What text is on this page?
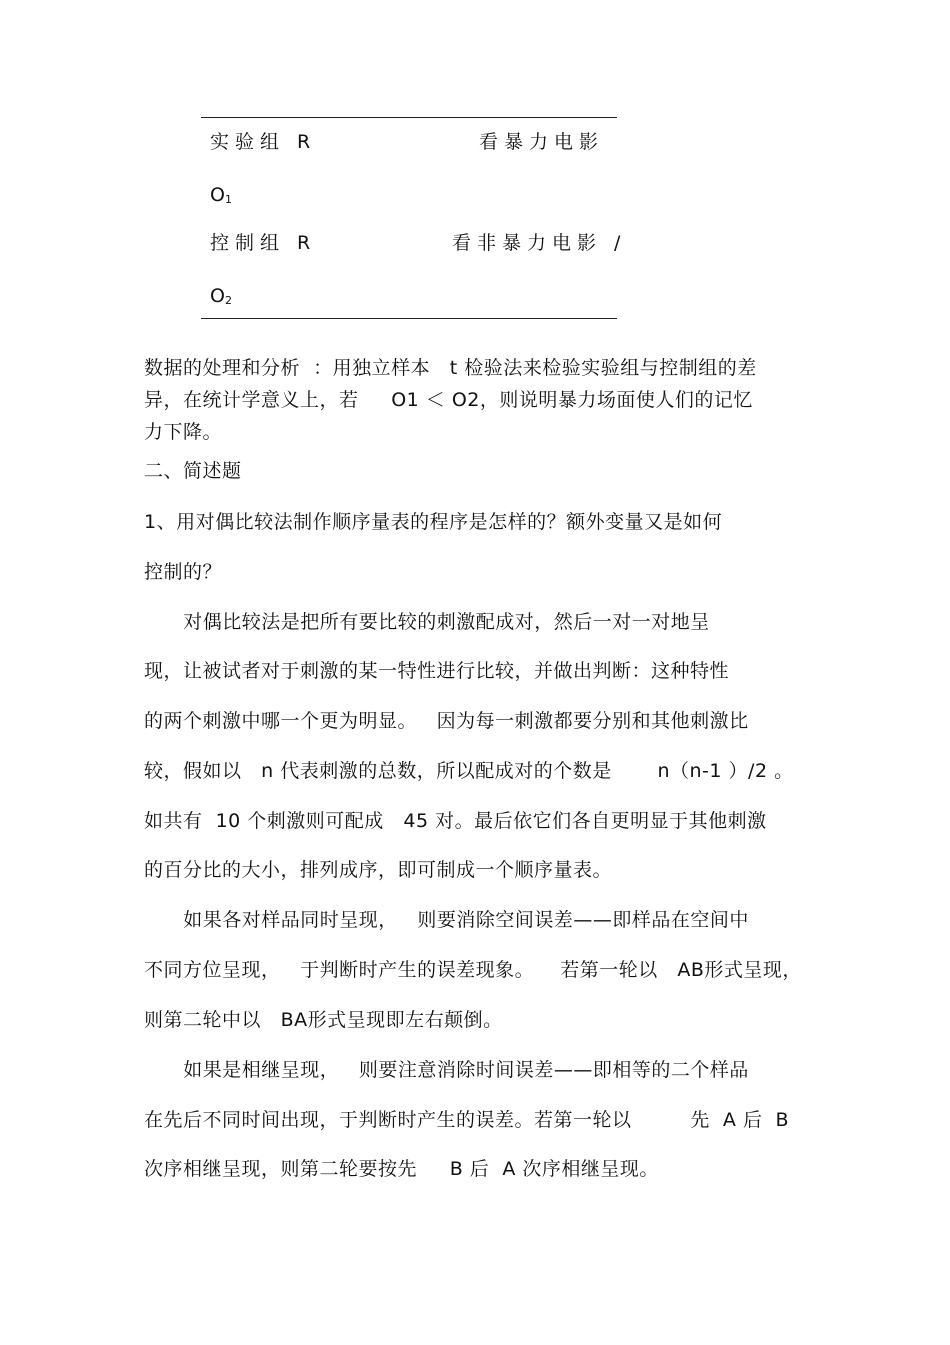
实验组 R	看暴力电影
$O_1$
控制组 R	看非暴力电影 /
$O_2$
数据的处理和分析  ：用独立样本   t 检验法来检验实验组与控制组的差
异，在统计学意义上，若     O1 ＜ O2，则说明暴力场面使人们的记忆
力下降。
二、简述题
1、用对偶比较法制作顺序量表的程序是怎样的？额外变量又是如何
控制的？
对偶比较法是把所有要比较的刺激配成对，然后一对一对地呈
现，让被试者对于刺激的某一特性进行比较，并做出判断：这种特性
的两个刺激中哪一个更为明显。   因为每一刺激都要分别和其他刺激比
较，假如以   n 代表刺激的总数，所以配成对的个数是       n（n-1 ）/2 。
如共有  10 个刺激则可配成   45 对。最后依它们各自更明显于其他刺激
的百分比的大小，排列成序，即可制成一个顺序量表。
如果各对样品同时呈现，   则要消除空间误差——即样品在空间中
不同方位呈现，   于判断时产生的误差现象。    若第一轮以   AB形式呈现，
则第二轮中以   BA形式呈现即左右颠倒。
如果是相继呈现，   则要注意消除时间误差——即相等的二个样品
在先后不同时间出现，于判断时产生的误差。若第一轮以         先  A 后  B
次序相继呈现，则第二轮要按先     B 后  A 次序相继呈现。
